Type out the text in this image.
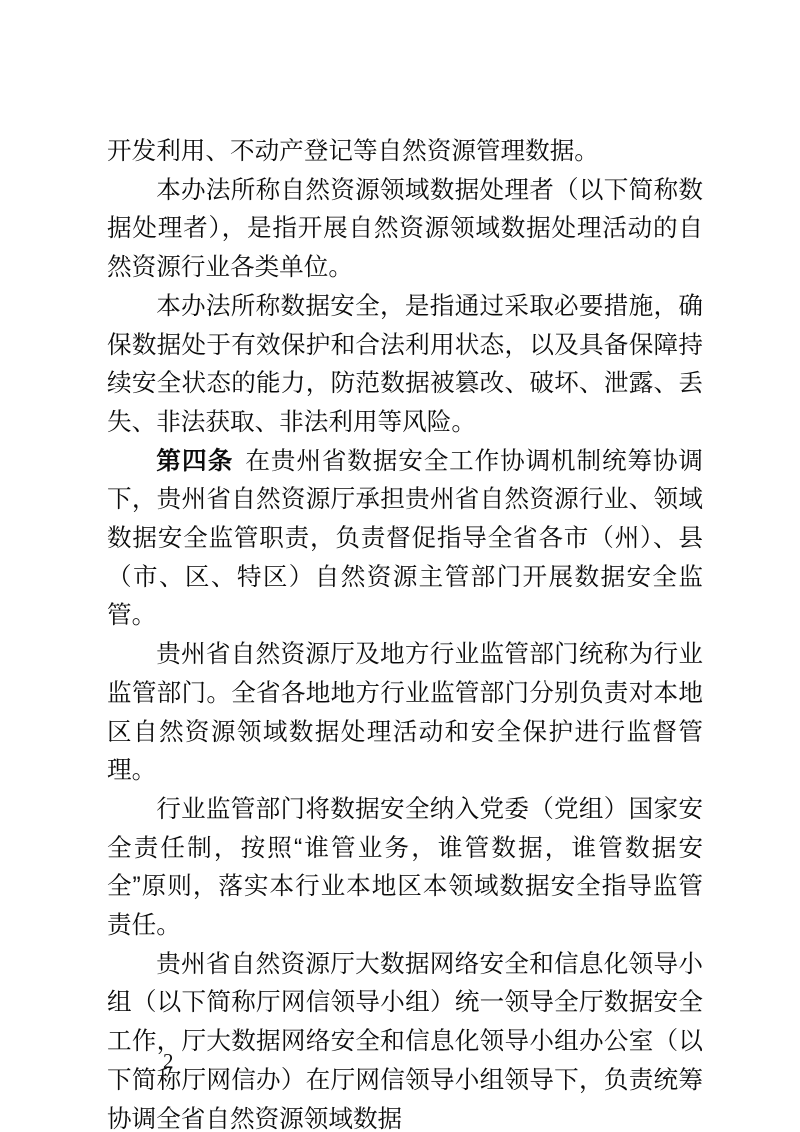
开发利用、不动产登记等自然资源管理数据。

本办法所称自然资源领域数据处理者（以下简称数据处理者），是指开展自然资源领域数据处理活动的自然资源行业各类单位。

本办法所称数据安全，是指通过采取必要措施，确保数据处于有效保护和合法利用状态，以及具备保障持续安全状态的能力，防范数据被篡改、破坏、泄露、丢失、非法获取、非法利用等风险。

第四条 在贵州省数据安全工作协调机制统筹协调下，贵州省自然资源厅承担贵州省自然资源行业、领域数据安全监管职责，负责督促指导全省各市（州）、县（市、区、特区）自然资源主管部门开展数据安全监管。

贵州省自然资源厅及地方行业监管部门统称为行业监管部门。全省各地地方行业监管部门分别负责对本地区自然资源领域数据处理活动和安全保护进行监督管理。

行业监管部门将数据安全纳入党委（党组）国家安全责任制，按照“谁管业务，谁管数据，谁管数据安全”原则，落实本行业本地区本领域数据安全指导监管责任。

贵州省自然资源厅大数据网络安全和信息化领导小组（以下简称厅网信领导小组）统一领导全厅数据安全工作，厅大数据网络安全和信息化领导小组办公室（以下简称厅网信办）在厅网信领导小组领导下，负责统筹协调全省自然资源领域数据

2
